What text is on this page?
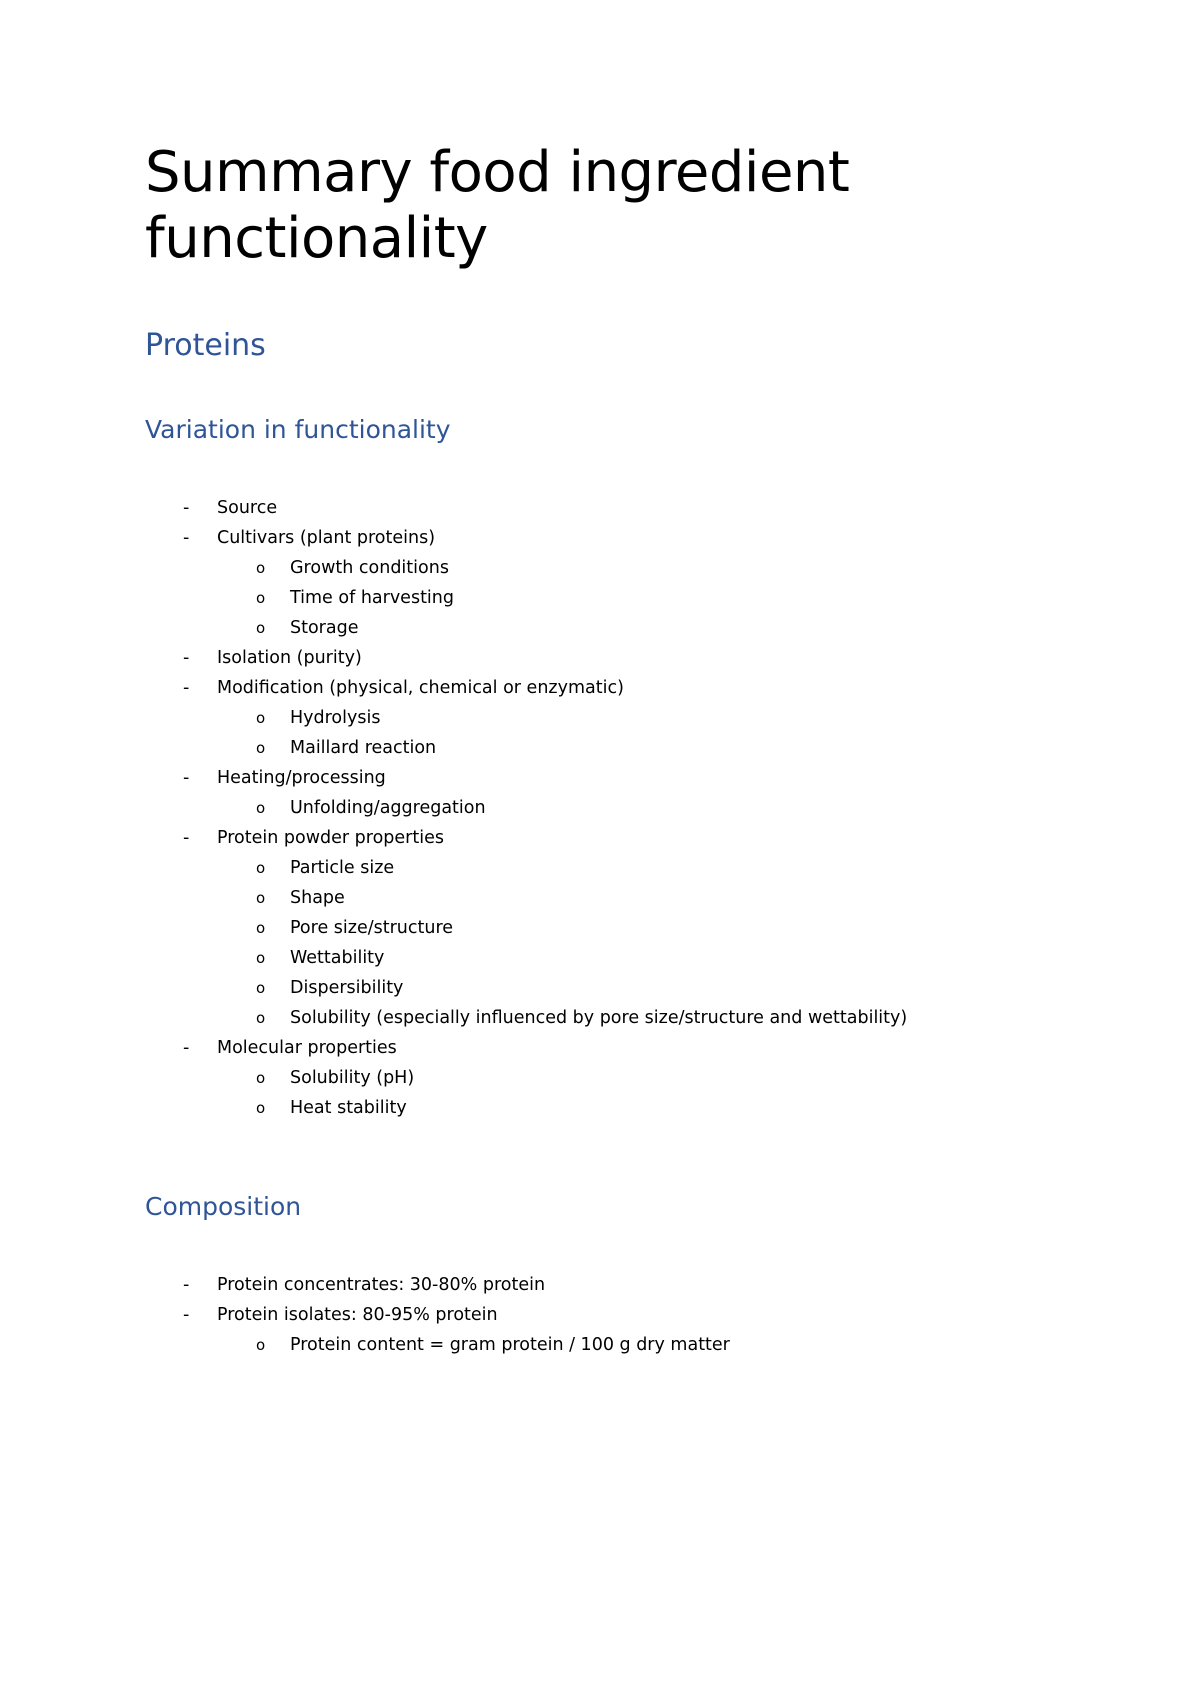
Summary food ingredient functionality
Proteins
Variation in functionality
- Source
- Cultivars (plant proteins)
o Growth conditions
o Time of harvesting
o Storage
- Isolation (purity)
- Modification (physical, chemical or enzymatic)
o Hydrolysis
o Maillard reaction
- Heating/processing
o Unfolding/aggregation
- Protein powder properties
o Particle size
o Shape
o Pore size/structure
o Wettability
o Dispersibility
o Solubility (especially influenced by pore size/structure and wettability)
- Molecular properties
o Solubility (pH)
o Heat stability
Composition
- Protein concentrates: 30-80% protein
- Protein isolates: 80-95% protein
o Protein content = gram protein / 100 g dry matter
